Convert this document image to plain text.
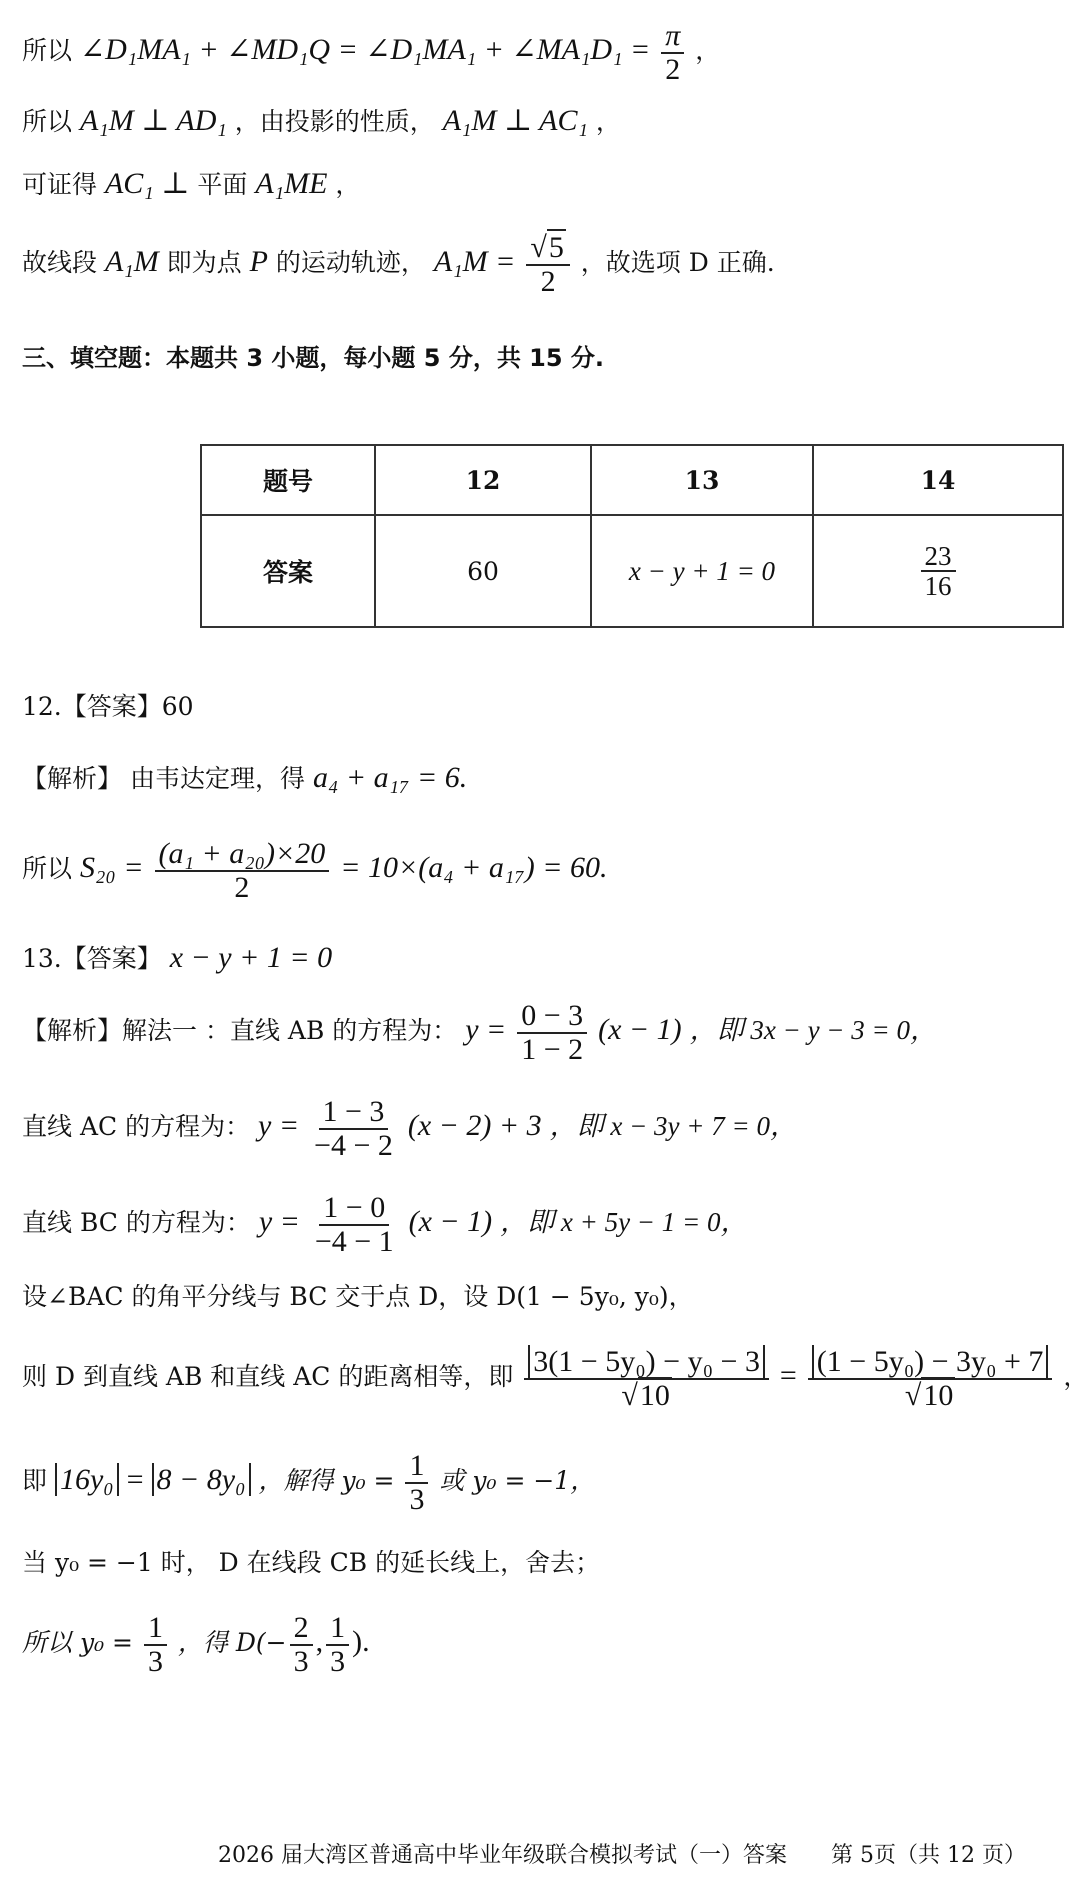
所以 ∠D₁MA₁ + ∠MD₁Q = ∠D₁MA₁ + ∠MA₁D₁ = $\frac{\pi}{2}$ ，
所以 A₁M ⊥ AD₁ ，由投影的性质， A₁M ⊥ AC₁ ，
可证得 AC₁ ⊥ 平面 A₁ME ，
故线段 A₁M 即为点 P 的运动轨迹， $A_1M = \frac{√5}{2}$ ，故选项 D 正确.
三、填空题：本题共 3 小题，每小题 5 分，共 15 分.
题号	12	13	14
答案	60	x − y + 1 = 0	$\frac{23}{16}$
12.【答案】60
【解析】 由韦达定理，得 a₄ + a₁₇ = 6.
所以 $S_{20} = \frac{\text{(a₁ + a₂₀)×20}}{2} = 10\times(a_4 + a_{17}) = 60$.
13.【答案】 x − y + 1 = 0
【解析】解法一 ：直线 AB 的方程为： $y = \frac{0 - 3}{1 - 2} (x - 1)$ ，即 3x − y − 3 = 0，
直线 AC 的方程为： $y = \frac{1 - 3}{-4 - 2} (x - 2) + 3$ ，即 x − 3y + 7 = 0，
直线 BC 的方程为： $y = \frac{1 - 0}{-4 - 1} (x - 1)$ ，即 x + 5y − 1 = 0，
设∠BAC 的角平分线与 BC 交于点 D，设 D(1 − 5y₀, y₀)，
则 D 到直线 AB 和直线 AC 的距离相等，即 $\frac{\text{3(1 − 5y₀) − y₀ − 3}}{√10} = \frac{\text{(1 − 5y₀) − 3y₀ + 7}}{√10}$ ，
即 16y₀ = 8 − 8y₀ ，解得 $y_0 = \frac{1}{3}$ 或 y₀ = −1，
当 y₀ = −1 时， D 在线段 CB 的延长线上，舍去；
所以 $y_0 = \frac{1}{3}$ ，得 $D(- \frac{2}{3}$ , $\frac{1}{3}$ ).
2026 届大湾区普通高中毕业年级联合模拟考试（一）答案　　第 5页（共 12 页）
